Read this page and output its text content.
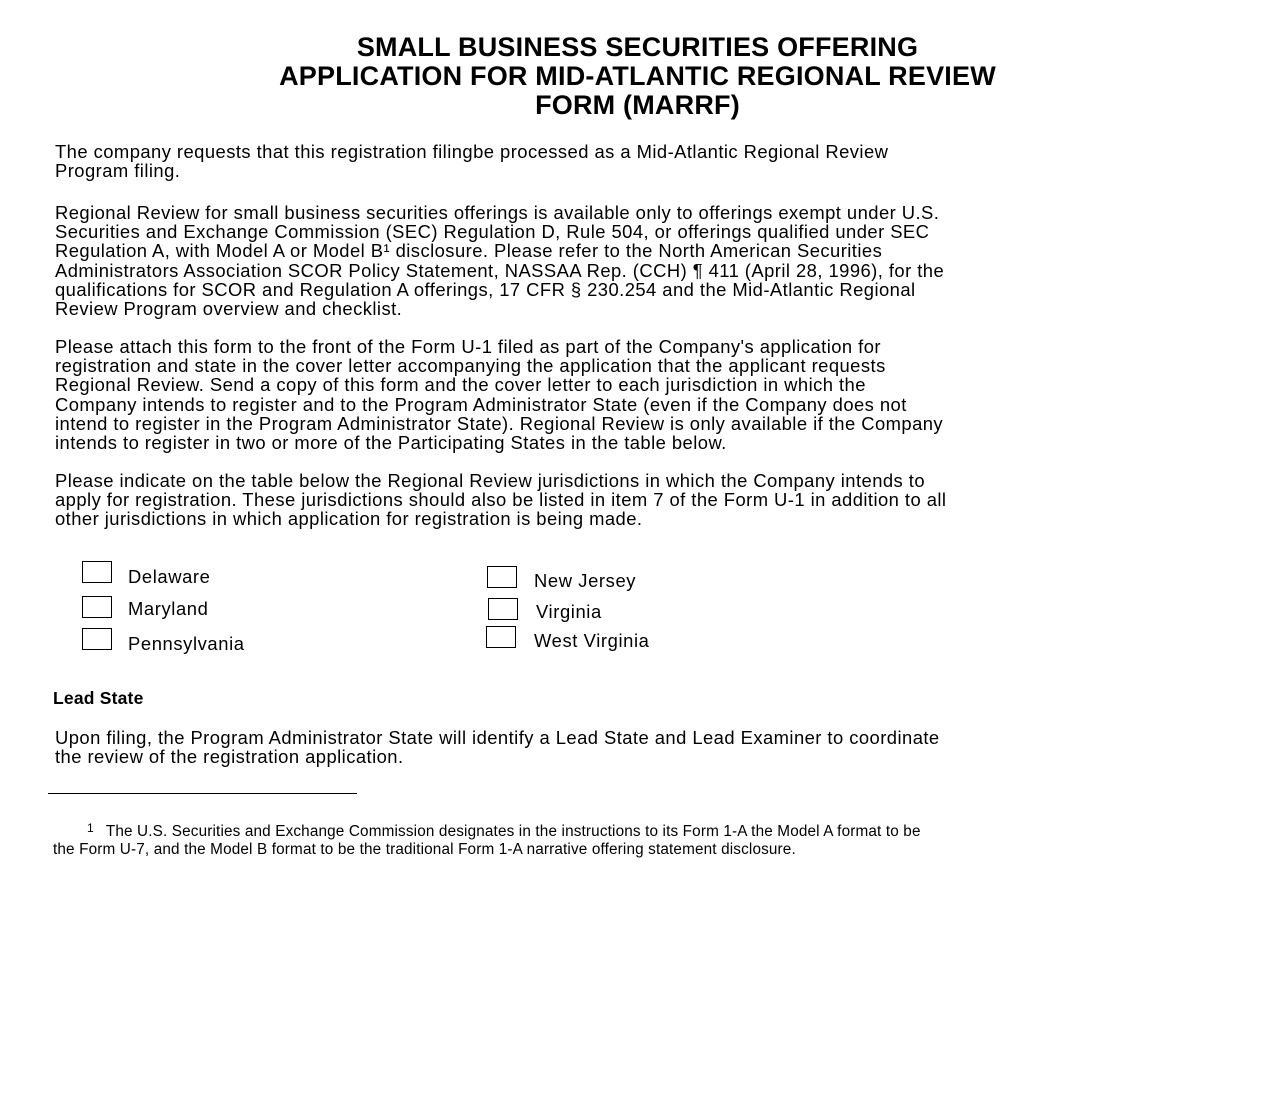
SMALL BUSINESS SECURITIES OFFERING
APPLICATION FOR MID-ATLANTIC REGIONAL REVIEW
FORM (MARRF)
The company requests that this registration filingbe processed as a Mid-Atlantic Regional Review
Program filing.
Regional Review for small business securities offerings is available only to offerings exempt under U.S.
Securities and Exchange Commission (SEC) Regulation D, Rule 504, or offerings qualified under SEC
Regulation A, with Model A or Model B¹ disclosure. Please refer to the North American Securities
Administrators Association SCOR Policy Statement, NASSAA Rep. (CCH) ¶ 411 (April 28, 1996), for the
qualifications for SCOR and Regulation A offerings, 17 CFR § 230.254 and the Mid-Atlantic Regional
Review Program overview and checklist.
Please attach this form to the front of the Form U-1 filed as part of the Company's application for
registration and state in the cover letter accompanying the application that the applicant requests
Regional Review. Send a copy of this form and the cover letter to each jurisdiction in which the
Company intends to register and to the Program Administrator State (even if the Company does not
intend to register in the Program Administrator State). Regional Review is only available if the Company
intends to register in two or more of the Participating States in the table below.
Please indicate on the table below the Regional Review jurisdictions in which the Company intends to
apply for registration. These jurisdictions should also be listed in item 7 of the Form U-1 in addition to all
other jurisdictions in which application for registration is being made.
Delaware
Maryland
Pennsylvania
New Jersey
Virginia
West Virginia
Lead State
Upon filing, the Program Administrator State will identify a Lead State and Lead Examiner to coordinate
the review of the registration application.
1 The U.S. Securities and Exchange Commission designates in the instructions to its Form 1-A the Model A format to be
the Form U-7, and the Model B format to be the traditional Form 1-A narrative offering statement disclosure.
